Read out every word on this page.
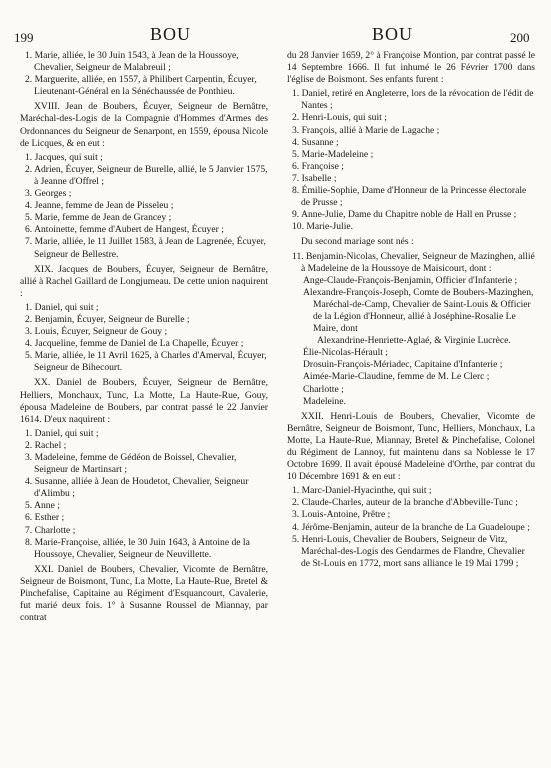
199	BOU	BOU	200
1. Marie, alliée, le 30 Juin 1543, à Jean de la Houssoye, Chevalier, Seigneur de Malabreuil ;
2. Marguerite, alliée, en 1557, à Philibert Carpentin, Écuyer, Lieutenant-Général en la Sénéchaussée de Ponthieu.

XVIII. Jean de Boubers, Écuyer, Seigneur de Bernâtre, Maréchal-des-Logis de la Compagnie d'Hommes d'Armes des Ordonnances du Seigneur de Senarpont, en 1559, épousa Nicole de Licques, & en eut :

1. Jacques, qui suit ;
2. Adrien, Écuyer, Seigneur de Burelle, allié, le 5 Janvier 1575, à Jeanne d'Offrel ;
3. Georges ;
4. Jeanne, femme de Jean de Pisseleu ;
5. Marie, femme de Jean de Grancey ;
6. Antoinette, femme d'Aubert de Hangest, Écuyer ;
7. Marie, alliée, le 11 Juillet 1583, à Jean de Lagrenée, Écuyer, Seigneur de Bellestre.

XIX. Jacques de Boubers, Écuyer, Seigneur de Bernâtre, allié à Rachel Gaillard de Longjumeau. De cette union naquirent :

1. Daniel, qui suit ;
2. Benjamin, Écuyer, Seigneur de Burelle ;
3. Louis, Écuyer, Seigneur de Gouy ;
4. Jacqueline, femme de Daniel de La Chapelle, Écuyer ;
5. Marie, alliée, le 11 Avril 1625, à Charles d'Amerval, Écuyer, Seigneur de Bihecourt.

XX. Daniel de Boubers, Écuyer, Seigneur de Bernâtre, Helliers, Monchaux, Tunc, La Motte, La Haute-Rue, Gouy, épousa Madeleine de Boubers, par contrat passé le 22 Janvier 1614. D'eux naquirent :

1. Daniel, qui suit ;
2. Rachel ;
3. Madeleine, femme de Gédéon de Boissel, Chevalier, Seigneur de Martinsart ;
4. Susanne, alliée à Jean de Houdetot, Chevalier, Seigneur d'Alimbu ;
5. Anne ;
6. Esther ;
7. Charlotte ;
8. Marie-Françoise, alliée, le 30 Juin 1643, à Antoine de la Houssoye, Chevalier, Seigneur de Neuvillette.

XXI. Daniel de Boubers, Chevalier, Vicomte de Bernâtre, Seigneur de Boismont, Tunc, La Motte, La Haute-Rue, Bretel & Pinchefalise, Capitaine au Régiment d'Esquancourt, Cavalerie, fut marié deux fois. 1° à Susanne Roussel de Miannay, par contrat

du 28 Janvier 1659, 2° à Françoise Montion, par contrat passé le 14 Septembre 1666. Il fut inhumé le 26 Février 1700 dans l'église de Boismont. Ses enfants furent :

1. Daniel, retiré en Angleterre, lors de la révocation de l'édit de Nantes ;
2. Henri-Louis, qui suit ;
3. François, allié à Marie de Lagache ;
4. Susanne ;
5. Marie-Madeleine ;
6. Françoise ;
7. Isabelle ;
8. Émilie-Sophie, Dame d'Honneur de la Princesse électorale de Prusse ;
9. Anne-Julie, Dame du Chapitre noble de Hall en Prusse ;
10. Marie-Julie.

Du second mariage sont nés :

11. Benjamin-Nicolas, Chevalier, Seigneur de Mazinghen, allié à Madeleine de la Houssoye de Maisicourt, dont :
Ange-Claude-François-Benjamin, Officier d'Infanterie ;
Alexandre-François-Joseph, Comte de Boubers-Mazinghen, Maréchal-de-Camp, Chevalier de Saint-Louis & Officier de la Légion d'Honneur, allié à Joséphine-Rosalie Le Maire, dont
Alexandrine-Henriette-Aglaé, & Virginie Lucrèce.
Élie-Nicolas-Hérault ;
Drosuin-François-Mériadec, Capitaine d'Infanterie ;
Aimée-Marie-Claudine, femme de M. Le Clerc ;
Charlotte ;
Madeleine.

XXII. Henri-Louis de Boubers, Chevalier, Vicomte de Bernâtre, Seigneur de Boismont, Tunc, Helliers, Monchaux, La Motte, La Haute-Rue, Miannay, Bretel & Pinchefalise, Colonel du Régiment de Lannoy, fut maintenu dans sa Noblesse le 17 Octobre 1699. Il avait épousé Madeleine d'Orthe, par contrat du 10 Décembre 1691 & en eut :

1. Marc-Daniel-Hyacinthe, qui suit ;
2. Claude-Charles, auteur de la branche d'Abbeville-Tunc ;
3. Louis-Antoine, Prêtre ;
4. Jérôme-Benjamin, auteur de la branche de La Guadeloupe ;
5. Henri-Louis, Chevalier de Boubers, Seigneur de Vitz, Maréchal-des-Logis des Gendarmes de Flandre, Chevalier de St-Louis en 1772, mort sans alliance le 19 Mai 1799 ;
